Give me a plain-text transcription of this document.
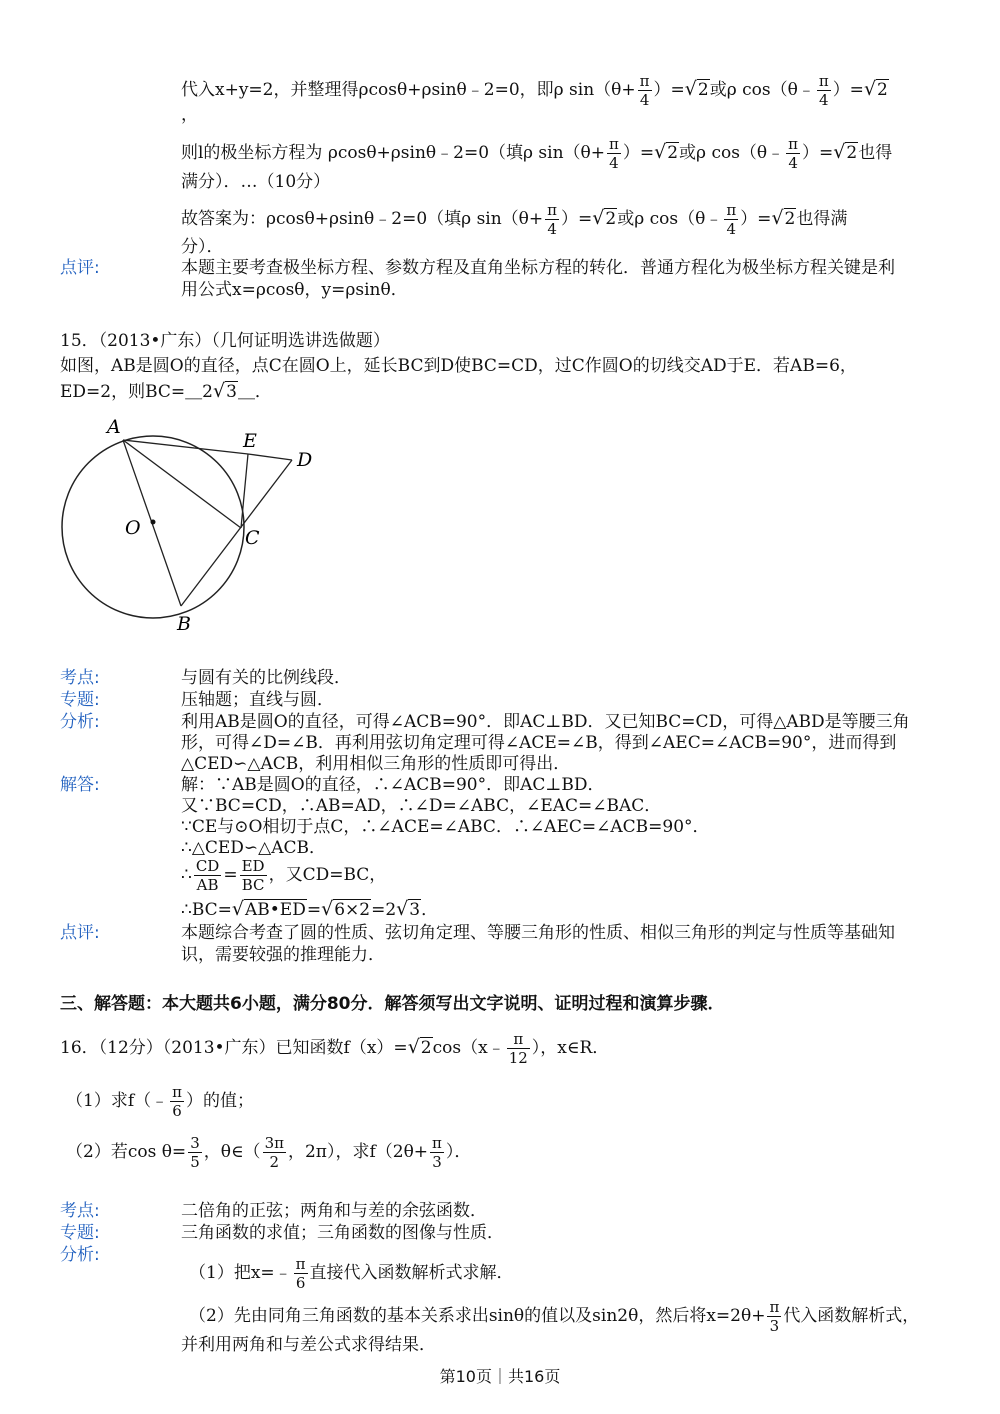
代入x+y=2，并整理得ρcosθ+ρsinθ﹣2=0，即ρ $\sin(\theta+ \frac{\pi}{4} )=√2$或ρ cos（θ﹣ $\frac{\pi}{4} )=√2$
，
则l的极坐标方程为 ρcosθ+ρsinθ﹣2=0（填ρ $\sin(\theta+ \frac{\pi}{4} )=√2$或ρ cos（θ﹣ $\frac{\pi}{4} )=√2$也得
满分）．…（10分）
故答案为：ρcosθ+ρsinθ﹣2=0（填ρ $\sin(\theta+ \frac{\pi}{4} )=√2$或ρ cos（θ﹣ $\frac{\pi}{4} )=√2$也得满
分）．
点评:	本题主要考查极坐标方程、参数方程及直角坐标方程的转化．普通方程化为极坐标方程关键是利
用公式x=ρcosθ，y=ρsinθ．
15．（2013•广东）（几何证明选讲选做题）
如图，AB是圆O的直径，点C在圆O上，延长BC到D使BC=CD，过C作圆O的切线交AD于E．若AB=6，
ED=2，则BC=＿2√3＿．
A
E
D
O	C
B
考点:	与圆有关的比例线段．
专题:	压轴题；直线与圆．
分析:	利用AB是圆O的直径，可得∠ACB=90°．即AC⊥BD．又已知BC=CD，可得△ABD是等腰三角
形，可得∠D=∠B．再利用弦切角定理可得∠ACE=∠B，得到∠AEC=∠ACB=90°，进而得到
△CED∽△ACB，利用相似三角形的性质即可得出．
解答:	解：∵AB是圆O的直径，∴∠ACB=90°．即AC⊥BD．
又∵BC=CD，∴AB=AD，∴∠D=∠ABC，∠EAC=∠BAC．
∵CE与⊙O相切于点C，∴∠ACE=∠ABC．∴∠AEC=∠ACB=90°．
∴△CED∽△ACB．
∴ $\frac{CD}{AB} = \frac{ED}{BC}$ ，又CD=BC，
∴BC=√AB•ED=√6×2=2√3．
点评:	本题综合考查了圆的性质、弦切角定理、等腰三角形的性质、相似三角形的判定与性质等基础知
识，需要较强的推理能力．
三、解答题：本大题共6小题，满分80分．解答须写出文字说明、证明过程和演算步骤．
16．（12分）（2013•广东）已知函数f（x）=√2cos（x﹣ $\frac{\pi}{12}$ ），x∈R．
（1）求f（﹣ $\frac{\pi}{6}$ ）的值；
（2）若$\cos \theta= \frac{3}{5}$ ，θ∈（ $\frac{3\pi}{2}$ ，2π），求$f(2\theta+ \frac{\pi}{3}$ ）．
考点:	二倍角的正弦；两角和与差的余弦函数．
专题:	三角函数的求值；三角函数的图像与性质．
分析:
（1）把x=﹣ $\frac{\pi}{6}$ 直接代入函数解析式求解．
（2）先由同角三角函数的基本关系求出sinθ的值以及sin2θ，然后将$x=2\theta+ \frac{\pi}{3}$ 代入函数解析式，
并利用两角和与差公式求得结果．
第10页｜共16页
